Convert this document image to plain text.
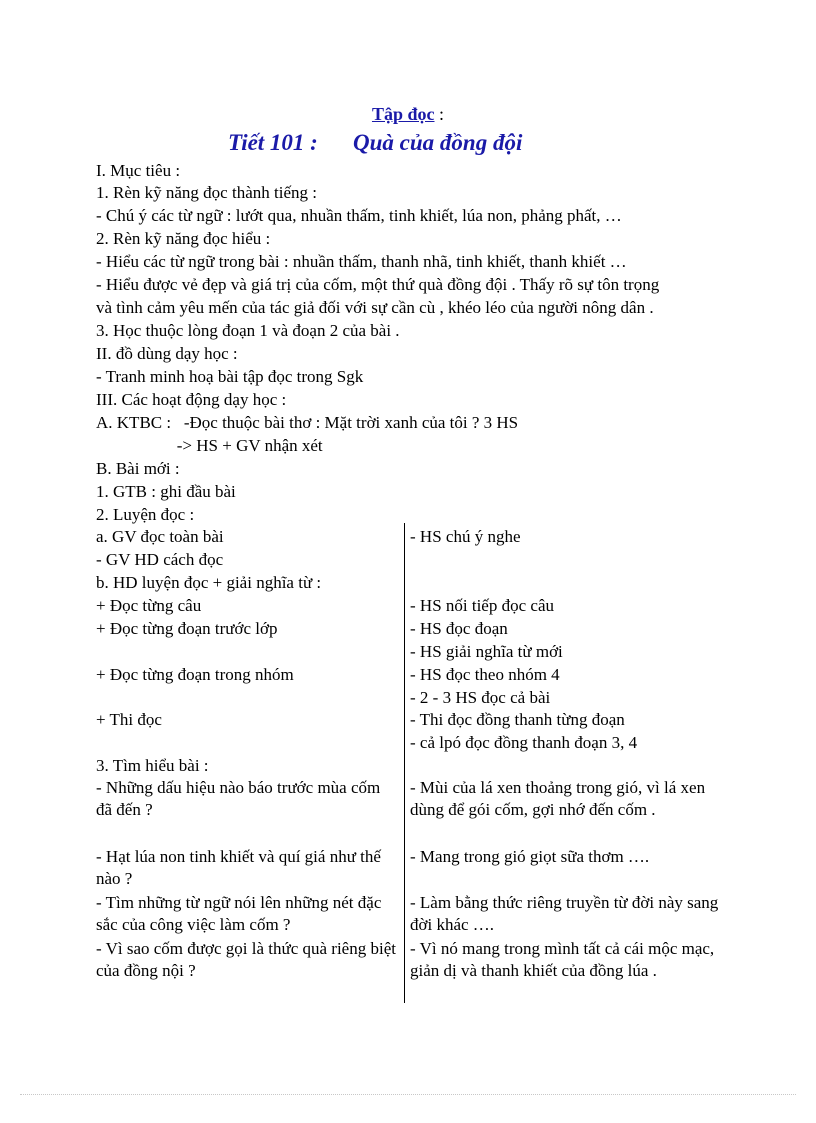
Tập đọc :
Tiết 101 : Quà của đồng đội
I. Mục tiêu :
1. Rèn kỹ năng đọc thành tiếng :
- Chú ý các từ ngữ : lướt qua, nhuần thấm, tinh khiết, lúa non, phảng phất, …
2. Rèn kỹ năng đọc hiểu :
- Hiểu các từ ngữ trong bài : nhuần thấm, thanh nhã, tinh khiết, thanh khiết …
- Hiểu được vẻ đẹp và giá trị của cốm, một thứ quà đồng đội . Thấy rõ sự tôn trọng
và tình cảm yêu mến của tác giả đối với sự cần cù , khéo léo của người nông dân .
3. Học thuộc lòng đoạn 1 và đoạn 2 của bài .
II. đồ dùng dạy học :
- Tranh minh hoạ bài tập đọc trong Sgk
III. Các hoạt động dạy học :
A. KTBC :   -Đọc thuộc bài thơ : Mặt trời xanh của tôi ? 3 HS
-> HS + GV nhận xét
B. Bài mới :
1. GTB : ghi đầu bài
2. Luyện đọc :
a. GV đọc toàn bài
- GV HD cách đọc
b. HD luyện đọc + giải nghĩa từ :
+ Đọc từng câu
+ Đọc từng đoạn trước lớp
+ Đọc từng đoạn trong nhóm
+ Thi đọc
3. Tìm hiểu bài :
- Những dấu hiệu nào báo trước mùa cốm đã đến ?
- Hạt lúa non tinh khiết và quí giá như thế nào ?
- Tìm những từ ngữ nói lên những nét đặc sắc của công việc làm cốm ?
- Vì sao cốm được gọi là thức quà riêng biệt của đồng nội ?
- HS chú ý nghe
- HS nối tiếp đọc câu
- HS đọc đoạn
- HS giải nghĩa từ mới
- HS đọc theo nhóm 4
- 2 - 3 HS đọc cả bài
- Thi đọc đồng thanh từng đoạn
- cả lpó đọc đồng thanh đoạn 3, 4
- Mùi của lá xen thoảng trong gió, vì lá xen dùng để gói cốm, gợi nhớ đến cốm .
- Mang trong gió giọt sữa thơm ….
- Làm bằng thức riêng truyền từ đời này sang đời khác ….
- Vì nó mang trong mình tất cả cái mộc mạc, giản dị và thanh khiết của đồng lúa .
